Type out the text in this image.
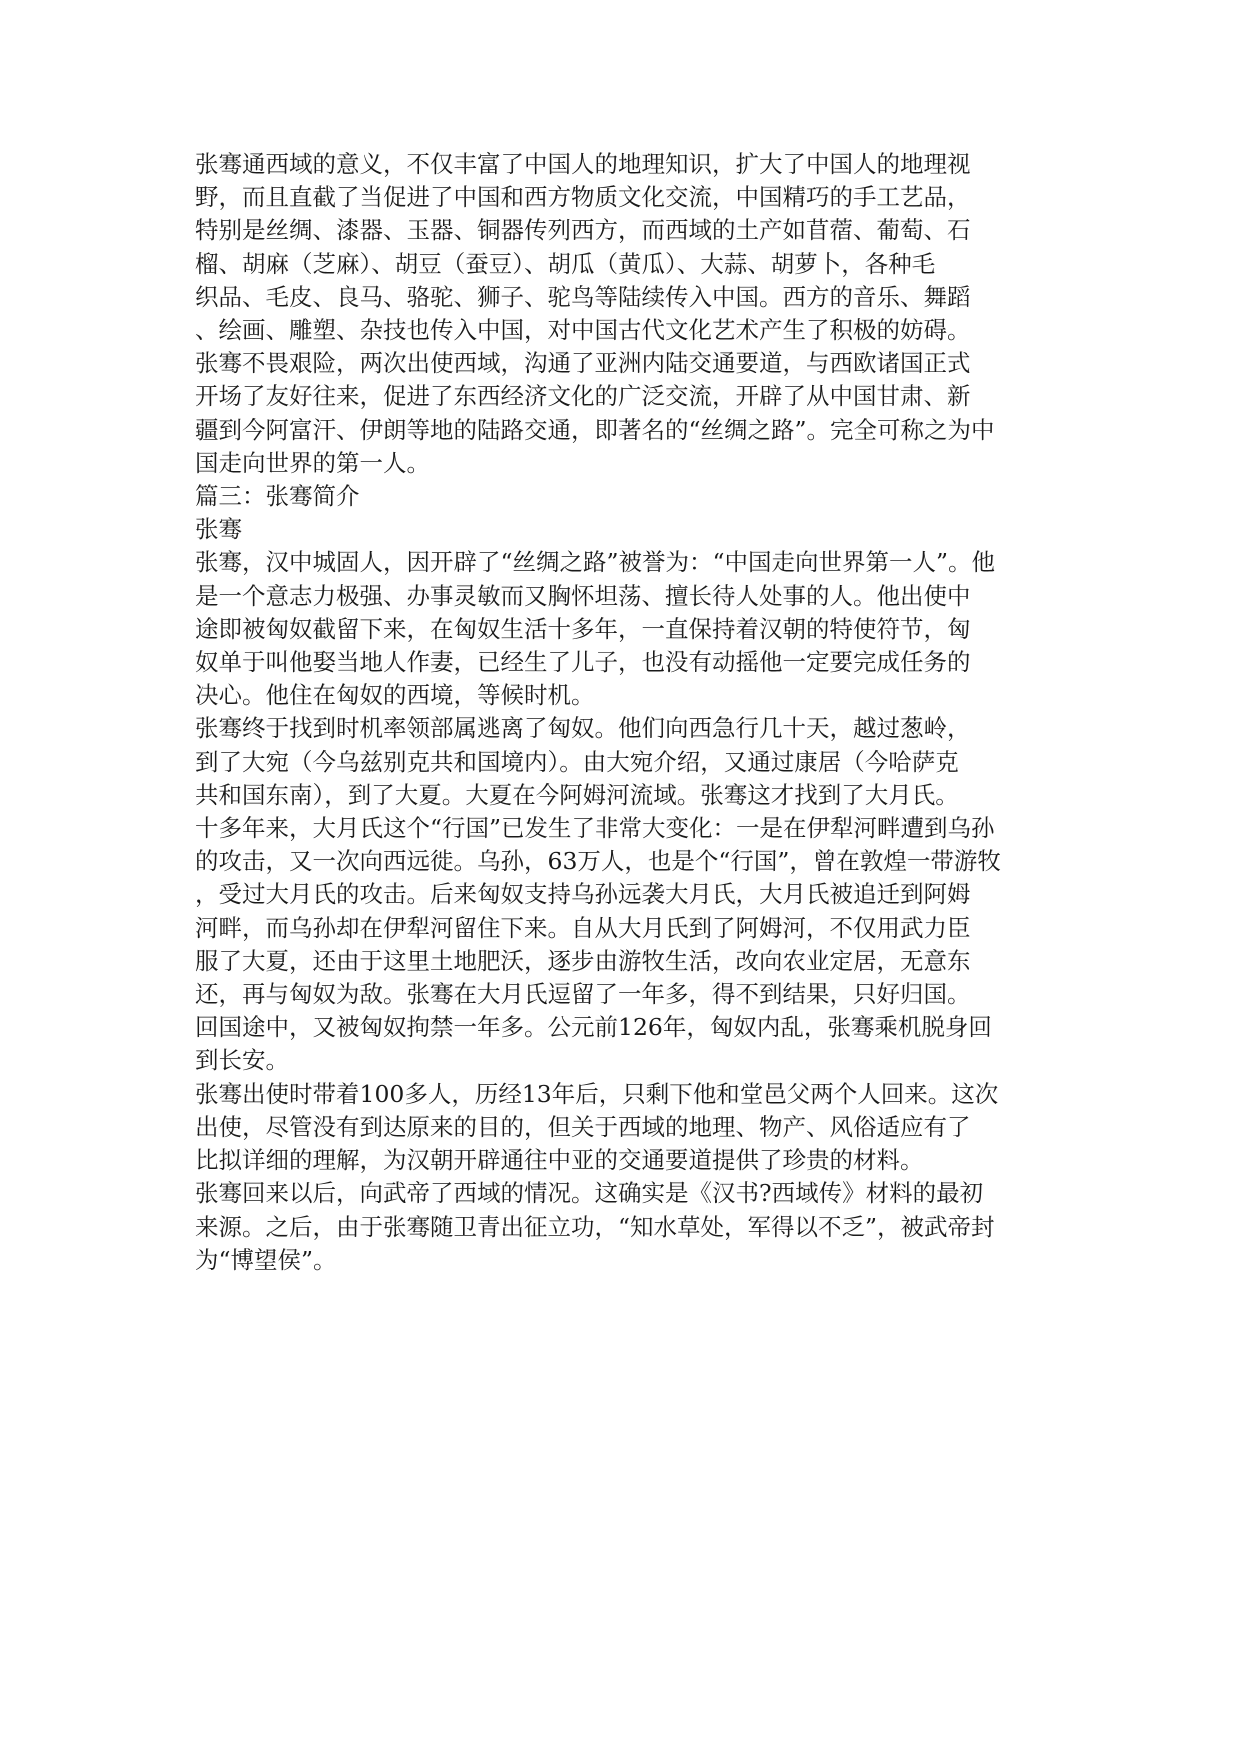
张骞通西域的意义，不仅丰富了中国人的地理知识，扩大了中国人的地理视

野，而且直截了当促进了中国和西方物质文化交流，中国精巧的手工艺品，

特别是丝绸、漆器、玉器、铜器传列西方，而西域的土产如苜蓿、葡萄、石

榴、胡麻（芝麻）、胡豆（蚕豆）、胡瓜（黄瓜）、大蒜、胡萝卜，各种毛

织品、毛皮、良马、骆驼、狮子、驼鸟等陆续传入中国。西方的音乐、舞蹈

、绘画、雕塑、杂技也传入中国，对中国古代文化艺术产生了积极的妨碍。

张骞不畏艰险，两次出使西域，沟通了亚洲内陆交通要道，与西欧诸国正式

开场了友好往来，促进了东西经济文化的广泛交流，开辟了从中国甘肃、新

疆到今阿富汗、伊朗等地的陆路交通，即著名的“丝绸之路”。完全可称之为中

国走向世界的第一人。

篇三：张骞简介

张骞

张骞，汉中城固人，因开辟了“丝绸之路”被誉为：“中国走向世界第一人”。他

是一个意志力极强、办事灵敏而又胸怀坦荡、擅长待人处事的人。他出使中

途即被匈奴截留下来，在匈奴生活十多年，一直保持着汉朝的特使符节，匈

奴单于叫他娶当地人作妻，已经生了儿子，也没有动摇他一定要完成任务的

决心。他住在匈奴的西境，等候时机。

张骞终于找到时机率领部属逃离了匈奴。他们向西急行几十天，越过葱岭，

到了大宛（今乌兹别克共和国境内）。由大宛介绍，又通过康居（今哈萨克

共和国东南），到了大夏。大夏在今阿姆河流域。张骞这才找到了大月氏。

十多年来，大月氏这个“行国”已发生了非常大变化：一是在伊犁河畔遭到乌孙

的攻击，又一次向西远徙。乌孙，63万人，也是个“行国”，曾在敦煌一带游牧

，受过大月氏的攻击。后来匈奴支持乌孙远袭大月氏，大月氏被追迁到阿姆

河畔，而乌孙却在伊犁河留住下来。自从大月氏到了阿姆河，不仅用武力臣

服了大夏，还由于这里土地肥沃，逐步由游牧生活，改向农业定居，无意东

还，再与匈奴为敌。张骞在大月氏逗留了一年多，得不到结果，只好归国。

回国途中，又被匈奴拘禁一年多。公元前126年，匈奴内乱，张骞乘机脱身回

到长安。

张骞出使时带着100多人，历经13年后，只剩下他和堂邑父两个人回来。这次

出使，尽管没有到达原来的目的，但关于西域的地理、物产、风俗适应有了

比拟详细的理解，为汉朝开辟通往中亚的交通要道提供了珍贵的材料。

张骞回来以后，向武帝了西域的情况。这确实是《汉书?西域传》材料的最初

来源。之后，由于张骞随卫青出征立功，“知水草处，军得以不乏”，被武帝封

为“博望侯”。
